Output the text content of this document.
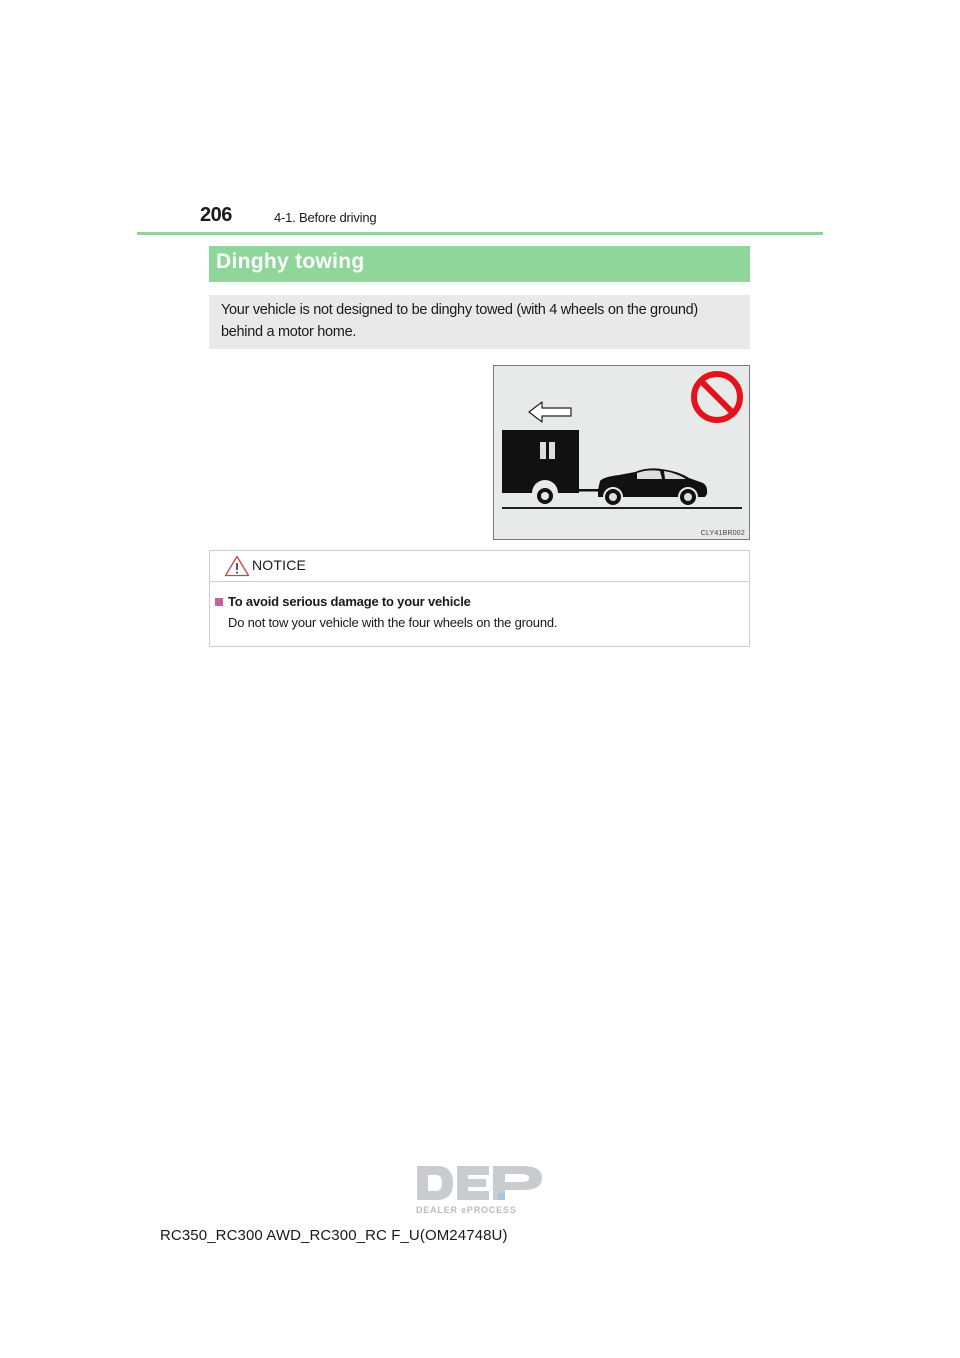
206	4-1. Before driving
Dinghy towing
Your vehicle is not designed to be dinghy towed (with 4 wheels on the ground)
behind a motor home.
CLY41BR002
NOTICE
To avoid serious damage to your vehicle
Do not tow your vehicle with the four wheels on the ground.
DEALER ePROCESS
RC350_RC300 AWD_RC300_RC F_U(OM24748U)
